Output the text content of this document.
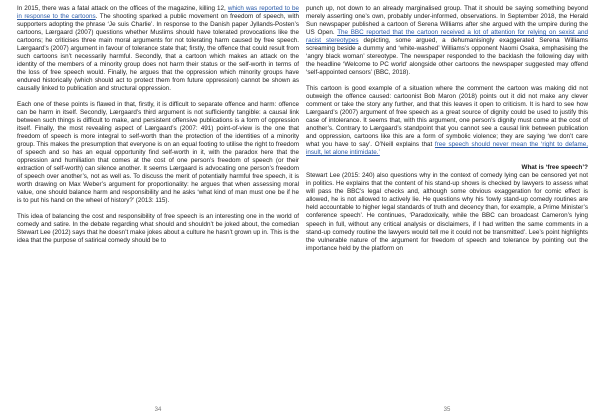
In 2015, there was a fatal attack on the offices of the magazine, killing 12, which was reported to be in response to the cartoons. The shooting sparked a public movement on freedom of speech, with supporters adopting the phrase ‘Je suis Charlie’. In response to the Danish paper Jyllands-Posten’s cartoons, Lærgaard (2007) questions whether Muslims should have tolerated provocations like the cartoons; he criticises three main moral arguments for not tolerating harm caused by free speech. Lærgaard’s (2007) argument in favour of tolerance state that; firstly, the offence that could result from such cartoons isn’t necessarily harmful. Secondly, that a cartoon which makes an attack on the identity of the members of a minority group does not harm their status or the self-worth in terms of the loss of free speech would. Finally, he argues that the oppression which minority groups have endured historically (which should act to protect them from future oppression) cannot be shown as causally linked to publication and structural oppression.

Each one of these points is flawed in that, firstly, it is difficult to separate offence and harm: offence can be harm in itself. Secondly, Lærgaard’s third argument is not sufficiently tangible: a causal link between such things is difficult to make, and persistent offensive publications is a form of oppression itself. Finally, the most revealing aspect of Lærgaard’s (2007: 491) point-of-view is the one that freedom of speech is more integral to self-worth than the protection of the identities of a minority group. This makes the presumption that everyone is on an equal footing to utilise the right to freedom of speech and so has an equal opportunity find self-worth in it, with the paradox here that the oppression and humiliation that comes at the cost of one person’s freedom of speech (or their extraction of self-worth) can silence another. It seems Lærgaard is advocating one person’s freedom of speech over another’s, not as well as. To discuss the merit of potentially harmful free speech, it is worth drawing on Max Weber’s argument for proportionality: he argues that when assessing moral value, one should balance harm and responsibility and he asks ‘what kind of man must one be if he is to put his hand on the wheel of history?’ (2013: 115).

This idea of balancing the cost and responsibility of free speech is an interesting one in the world of comedy and satire. In the debate regarding what should and shouldn’t be joked about, the comedian Stewart Lee (2012) says that he doesn’t make jokes about a culture he hasn’t grown up in. This is the idea that the purpose of satirical comedy should be to

34

punch up, not down to an already marginalised group. That it should be saying something beyond merely asserting one’s own, probably under-informed, observations. In September 2018, the Herald Sun newspaper published a cartoon of Serena Williams after she argued with the umpire during the US Open. The BBC reported that the cartoon received a lot of attention for relying on sexist and racist stereotypes depicting, some argued, a dehumanisingly exaggerated Serena Williams screaming beside a dummy and ‘white-washed’ Williams’s opponent Naomi Osaka, emphasising the ‘angry black woman’ stereotype. The newspaper responded to the backlash the following day with the headline ‘Welcome to PC world’ alongside other cartoons the newspaper suggested may offend ‘self-appointed censors’ (BBC, 2018).

This cartoon is good example of a situation where the comment the cartoon was making did not outweigh the offence caused: cartoonist Bob Maron (2018) points out it did not make any clever comment or take the story any further, and that this leaves it open to criticism. It is hard to see how Lærgaard’s (2007) argument of free speech as a great source of dignity could be used to justify this case of intolerance. It seems that, with this argument, one person’s dignity must come at the cost of another’s. Contrary to Lærgaard’s standpoint that you cannot see a causal link between publication and oppression, cartoons like this are a form of symbolic violence; they are saying ‘we don’t care what you have to say’. O’Neill explains that free speech should never mean the ‘right to defame, insult, let alone intimidate.’

What is ‘free speech’?

Stewart Lee (2015: 240) also questions why in the context of comedy lying can be censored yet not in politics. He explains that the content of his stand-up shows is checked by lawyers to assess what will pass the BBC’s legal checks and, although some obvious exaggeration for comic effect is allowed, he is not allowed to actively lie. He questions why his ‘lowly stand-up comedy routines are held accountable to higher legal standards of truth and decency than, for example, a Prime Minister’s conference speech’. He continues, ‘Paradoxically, while the BBC can broadcast Cameron’s lying speech in full, without any critical analysis or disclaimers, if I had written the same comments in a stand-up comedy routine the lawyers would tell me it could not be transmitted’. Lee’s point highlights the vulnerable nature of the argument for freedom of speech and tolerance by pointing out the importance held by the platform on

35
